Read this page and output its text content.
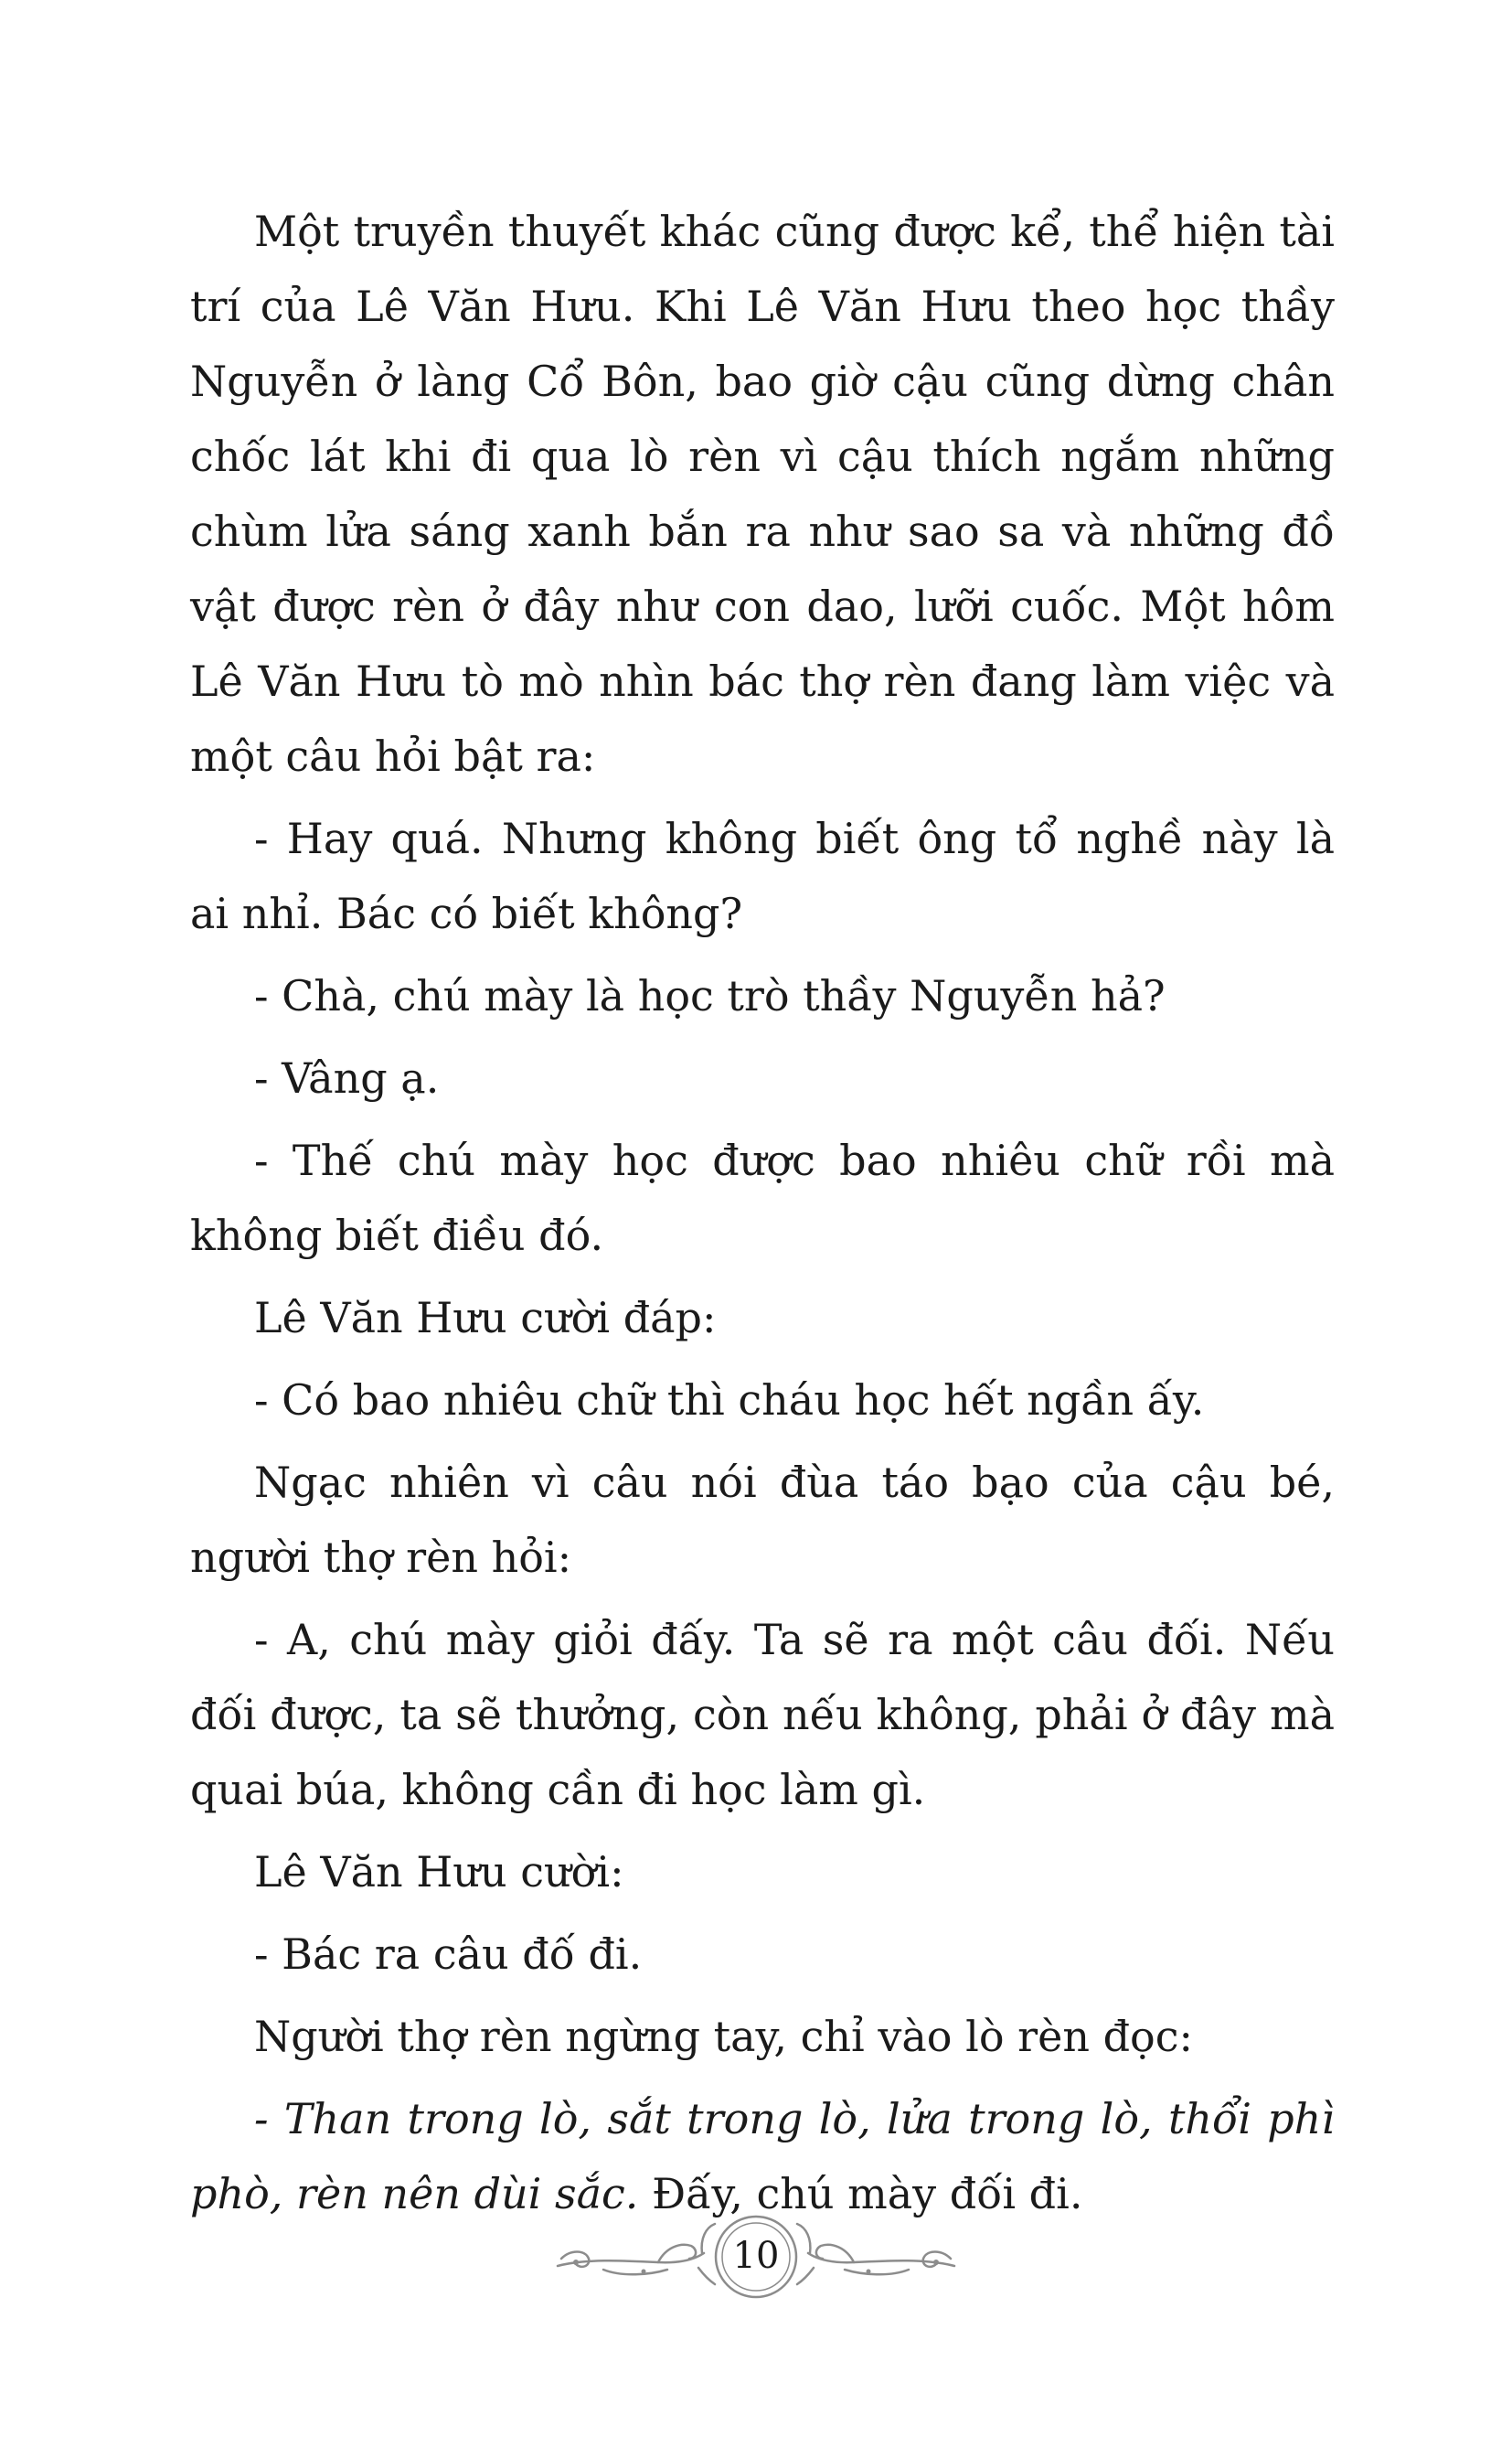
Một truyền thuyết khác cũng được kể, thể hiện tài trí của Lê Văn Hưu. Khi Lê Văn Hưu theo học thầy Nguyễn ở làng Cổ Bôn, bao giờ cậu cũng dừng chân chốc lát khi đi qua lò rèn vì cậu thích ngắm những chùm lửa sáng xanh bắn ra như sao sa và những đồ vật được rèn ở đây như con dao, lưỡi cuốc. Một hôm Lê Văn Hưu tò mò nhìn bác thợ rèn đang làm việc và một câu hỏi bật ra:

- Hay quá. Nhưng không biết ông tổ nghề này là ai nhỉ. Bác có biết không?

- Chà, chú mày là học trò thầy Nguyễn hả?

- Vâng ạ.

- Thế chú mày học được bao nhiêu chữ rồi mà không biết điều đó.

Lê Văn Hưu cười đáp:

- Có bao nhiêu chữ thì cháu học hết ngần ấy.

Ngạc nhiên vì câu nói đùa táo bạo của cậu bé, người thợ rèn hỏi:

- A, chú mày giỏi đấy. Ta sẽ ra một câu đối. Nếu đối được, ta sẽ thưởng, còn nếu không, phải ở đây mà quai búa, không cần đi học làm gì.

Lê Văn Hưu cười:

- Bác ra câu đố đi.

Người thợ rèn ngừng tay, chỉ vào lò rèn đọc:

- Than trong lò, sắt trong lò, lửa trong lò, thổi phì phò, rèn nên dùi sắc. Đấy, chú mày đối đi.

10
